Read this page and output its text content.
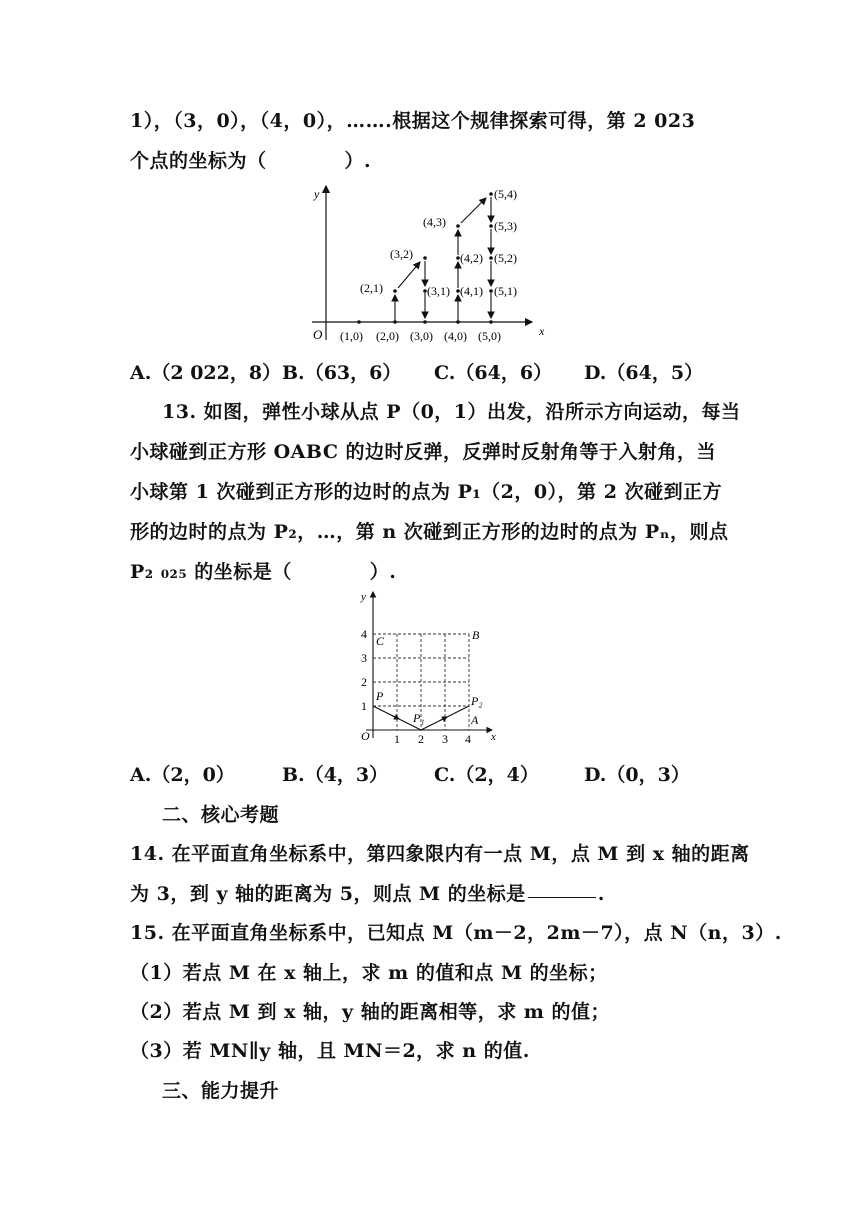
1），（3，0），（4，0），…….根据这个规律探索可得，第 2 023
个点的坐标为（　　　　）.
y
x
O (1,0) (2,0) (3,0) (4,0) (5,0)
(2,1)
(3,2)
(3,1)
(4,3)
(4,2)
(4,1)
(5,4)
(5,3)
(5,2)
(5,1)
A.（2 022，8） B.（63，6） C.（64，6） D.（64，5）
13. 如图，弹性小球从点 P（0，1）出发，沿所示方向运动，每当
小球碰到正方形 OABC 的边时反弹，反弹时反射角等于入射角，当
小球第 1 次碰到正方形的边时的点为 P₁（2，0），第 2 次碰到正方
形的边时的点为 P₂，…，第 n 次碰到正方形的边时的点为 Pₙ，则点
P₂ ₀₂₅ 的坐标是（　　　　）.
y
x
O 1 2 3 4
1
2
3
4 C	B
P	P₂
P₁	A
A.（2，0） B.（4，3） C.（2，4） D.（0，3）
二、核心考题
14. 在平面直角坐标系中，第四象限内有一点 M，点 M 到 x 轴的距离
为 3，到 y 轴的距离为 5，则点 M 的坐标是	.
15. 在平面直角坐标系中，已知点 M（m－2，2m－7），点 N（n，3）.
（1）若点 M 在 x 轴上，求 m 的值和点 M 的坐标；
（2）若点 M 到 x 轴，y 轴的距离相等，求 m 的值；
（3）若 MN∥y 轴，且 MN＝2，求 n 的值.
三、能力提升
